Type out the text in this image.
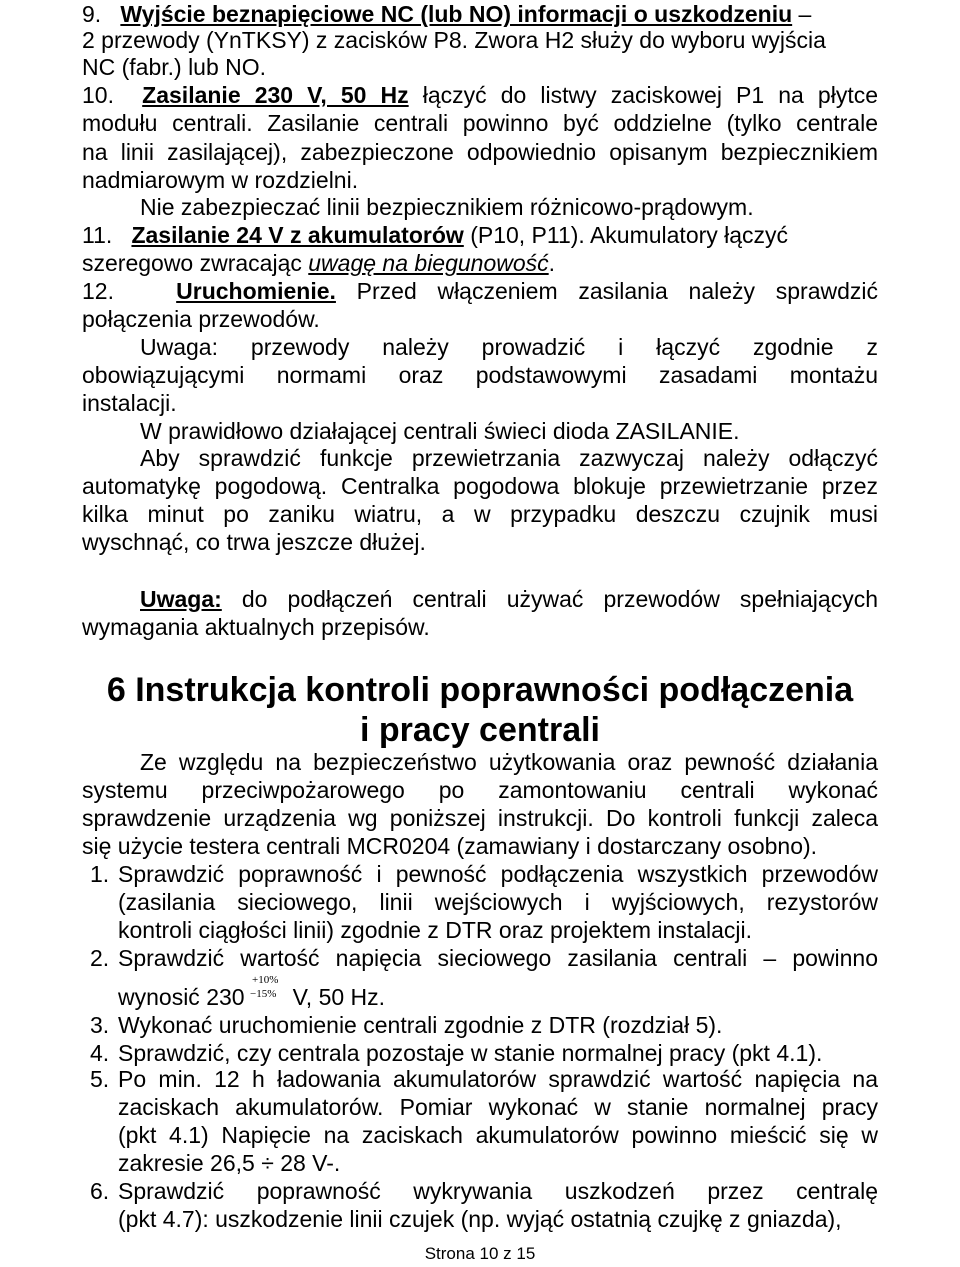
9. Wyjście beznapięciowe NC (lub NO) informacji o uszkodzeniu –
2 przewody (YnTKSY) z zacisków P8. Zwora H2 służy do wyboru wyjścia
NC (fabr.) lub NO.
10. Zasilanie 230 V, 50 Hz łączyć do listwy zaciskowej P1 na płytce
modułu centrali. Zasilanie centrali powinno być oddzielne (tylko centrale
na linii zasilającej), zabezpieczone odpowiednio opisanym bezpiecznikiem
nadmiarowym w rozdzielni.
Nie zabezpieczać linii bezpiecznikiem różnicowo-prądowym.
11. Zasilanie 24 V z akumulatorów (P10, P11). Akumulatory łączyć
szeregowo zwracając uwagę na biegunowość.
12.	Uruchomienie. Przed włączeniem zasilania należy sprawdzić
połączenia przewodów.
Uwaga: przewody należy prowadzić i łączyć zgodnie z
obowiązującymi normami oraz podstawowymi zasadami montażu
instalacji.
W prawidłowo działającej centrali świeci dioda ZASILANIE.
Aby sprawdzić funkcje przewietrzania zazwyczaj należy odłączyć
automatykę pogodową. Centralka pogodowa blokuje przewietrzanie przez
kilka minut po zaniku wiatru, a w przypadku deszczu czujnik musi
wyschnąć, co trwa jeszcze dłużej.
Uwaga: do podłączeń centrali używać przewodów spełniających
wymagania aktualnych przepisów.
6 Instrukcja kontroli poprawności podłączenia
i pracy centrali
Ze względu na bezpieczeństwo użytkowania oraz pewność działania
systemu przeciwpożarowego po zamontowaniu centrali wykonać
sprawdzenie urządzenia wg poniższej instrukcji. Do kontroli funkcji zaleca
się użycie testera centrali MCR0204 (zamawiany i dostarczany osobno).
1. Sprawdzić poprawność i pewność podłączenia wszystkich przewodów
(zasilania sieciowego, linii wejściowych i wyjściowych, rezystorów
kontroli ciągłości linii) zgodnie z DTR oraz projektem instalacji.
2. Sprawdzić wartość napięcia sieciowego zasilania centrali – powinno
wynosić 230 V, 50 Hz.
+10%
−15%
3. Wykonać uruchomienie centrali zgodnie z DTR (rozdział 5).
4. Sprawdzić, czy centrala pozostaje w stanie normalnej pracy (pkt 4.1).
5. Po min. 12 h ładowania akumulatorów sprawdzić wartość napięcia na
zaciskach akumulatorów. Pomiar wykonać w stanie normalnej pracy
(pkt 4.1) Napięcie na zaciskach akumulatorów powinno mieścić się w
zakresie 26,5 ÷ 28 V-.
6. Sprawdzić poprawność wykrywania uszkodzeń przez centralę
(pkt 4.7): uszkodzenie linii czujek (np. wyjąć ostatnią czujkę z gniazda),
Strona 10 z 15
